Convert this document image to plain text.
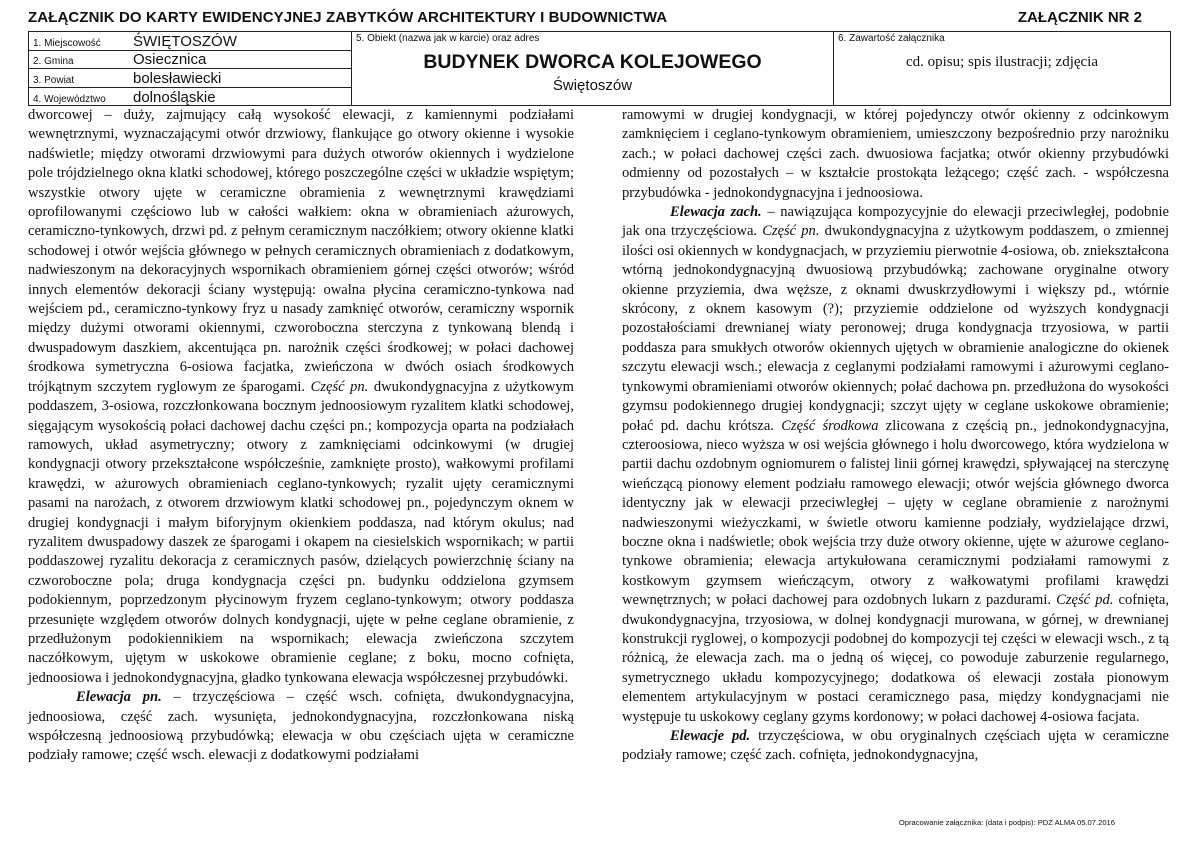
ZAŁĄCZNIK DO KARTY EWIDENCYJNEJ ZABYTKÓW ARCHITEKTURY I BUDOWNICTWA	ZAŁĄCZNIK NR 2
1. Miejscowość ŚWIĘTOSZÓW
2. Gmina	Osiecznica
3. Powiat	bolesławiecki
4. Województwo dolnośląskie
5. Obiekt (nazwa jak w karcie) oraz adres
BUDYNEK DWORCA KOLEJOWEGO
Świętoszów
6. Zawartość załącznika
cd. opisu; spis ilustracji; zdjęcia

dworcowej – duży, zajmujący całą wysokość elewacji, z kamiennymi podziałami wewnętrznymi, wyznaczającymi otwór drzwiowy, flankujące go otwory okienne i wysokie nadświetle; między otworami drzwiowymi para dużych otworów okiennych i wydzielone pole trójdzielnego okna klatki schodowej, którego poszczególne części w układzie wspiętym; wszystkie otwory ujęte w ceramiczne obramienia z wewnętrznymi krawędziami oprofilowanymi częściowo lub w całości wałkiem: okna w obramieniach ażurowych, ceramiczno-tynkowych, drzwi pd. z pełnym ceramicznym naczółkiem; otwory okienne klatki schodowej i otwór wejścia głównego w pełnych ceramicznych obramieniach z dodatkowym, nadwieszonym na dekoracyjnych wspornikach obramieniem górnej części otworów; wśród innych elementów dekoracji ściany występują: owalna płycina ceramiczno-tynkowa nad wejściem pd., ceramiczno-tynkowy fryz u nasady zamknięć otworów, ceramiczny wspornik między dużymi otworami okiennymi, czworoboczna sterczyna z tynkowaną blendą i dwuspadowym daszkiem, akcentująca pn. narożnik części środkowej; w połaci dachowej środkowa symetryczna 6-osiowa facjatka, zwieńczona w dwóch osiach środkowych trójkątnym szczytem ryglowym ze śparogami. Część pn. dwukondygnacyjna z użytkowym poddaszem, 3-osiowa, rozczłonkowana bocznym jednoosiowym ryzalitem klatki schodowej, sięgającym wysokością połaci dachowej dachu części pn.; kompozycja oparta na podziałach ramowych, układ asymetryczny; otwory z zamknięciami odcinkowymi (w drugiej kondygnacji otwory przekształcone współcześnie, zamknięte prosto), wałkowymi profilami krawędzi, w ażurowych obramieniach ceglano-tynkowych; ryzalit ujęty ceramicznymi pasami na narożach, z otworem drzwiowym klatki schodowej pn., pojedynczym oknem w drugiej kondygnacji i małym biforyjnym okienkiem poddasza, nad którym okulus; nad ryzalitem dwuspadowy daszek ze śparogami i okapem na ciesielskich wspornikach; w partii poddaszowej ryzalitu dekoracja z ceramicznych pasów, dzielących powierzchnię ściany na czworoboczne pola; druga kondygnacja części pn. budynku oddzielona gzymsem podokiennym, poprzedzonym płycinowym fryzem ceglano-tynkowym; otwory poddasza przesunięte względem otworów dolnych kondygnacji, ujęte w pełne ceglane obramienie, z przedłużonym podokiennikiem na wspornikach; elewacja zwieńczona szczytem naczółkowym, ujętym w uskokowe obramienie ceglane; z boku, mocno cofnięta, jednoosiowa i jednokondygnacyjna, gładko tynkowana elewacja współczesnej przybudówki.

Elewacja pn. – trzyczęściowa – część wsch. cofnięta, dwukondygnacyjna, jednoosiowa, część zach. wysunięta, jednokondygnacyjna, rozczłonkowana niską współczesną jednoosiową przybudówką; elewacja w obu częściach ujęta w ceramiczne podziały ramowe; część wsch. elewacji z dodatkowymi podziałami

ramowymi w drugiej kondygnacji, w której pojedynczy otwór okienny z odcinkowym zamknięciem i ceglano-tynkowym obramieniem, umieszczony bezpośrednio przy narożniku zach.; w połaci dachowej części zach. dwuosiowa facjatka; otwór okienny przybudówki odmienny od pozostałych – w kształcie prostokąta leżącego; część zach. - współczesna przybudówka - jednokondygnacyjna i jednoosiowa.

Elewacja zach. – nawiązująca kompozycyjnie do elewacji przeciwległej, podobnie jak ona trzyczęściowa. Część pn. dwukondygnacyjna z użytkowym poddaszem, o zmiennej ilości osi okiennych w kondygnacjach, w przyziemiu pierwotnie 4-osiowa, ob. zniekształcona wtórną jednokondygnacyjną dwuosiową przybudówką; zachowane oryginalne otwory okienne przyziemia, dwa węższe, z oknami dwuskrzydłowymi i większy pd., wtórnie skrócony, z oknem kasowym (?); przyziemie oddzielone od wyższych kondygnacji pozostałościami drewnianej wiaty peronowej; druga kondygnacja trzyosiowa, w partii poddasza para smukłych otworów okiennych ujętych w obramienie analogiczne do okienek szczytu elewacji wsch.; elewacja z ceglanymi podziałami ramowymi i ażurowymi ceglano-tynkowymi obramieniami otworów okiennych; połać dachowa pn. przedłużona do wysokości gzymsu podokiennego drugiej kondygnacji; szczyt ujęty w ceglane uskokowe obramienie; połać pd. dachu krótsza. Część środkowa zlicowana z częścią pn., jednokondygnacyjna, czteroosiowa, nieco wyższa w osi wejścia głównego i holu dworcowego, która wydzielona w partii dachu ozdobnym ogniomurem o falistej linii górnej krawędzi, spływającej na sterczynę wieńczącą pionowy element podziału ramowego elewacji; otwór wejścia głównego dworca identyczny jak w elewacji przeciwległej – ujęty w ceglane obramienie z narożnymi nadwieszonymi wieżyczkami, w świetle otworu kamienne podziały, wydzielające drzwi, boczne okna i nadświetle; obok wejścia trzy duże otwory okienne, ujęte w ażurowe ceglano-tynkowe obramienia; elewacja artykułowana ceramicznymi podziałami ramowymi z kostkowym gzymsem wieńczącym, otwory z wałkowatymi profilami krawędzi wewnętrznych; w połaci dachowej para ozdobnych lukarn z pazdurami. Część pd. cofnięta, dwukondygnacyjna, trzyosiowa, w dolnej kondygnacji murowana, w górnej, w drewnianej konstrukcji ryglowej, o kompozycji podobnej do kompozycji tej części w elewacji wsch., z tą różnicą, że elewacja zach. ma o jedną oś więcej, co powoduje zaburzenie regularnego, symetrycznego układu kompozycyjnego; dodatkowa oś elewacji została pionowym elementem artykulacyjnym w postaci ceramicznego pasa, między kondygnacjami nie występuje tu uskokowy ceglany gzyms kordonowy; w połaci dachowej 4-osiowa facjata.

Elewacje pd. trzyczęściowa, w obu oryginalnych częściach ujęta w ceramiczne podziały ramowe; część zach. cofnięta, jednokondygnacyjna,

Opracowanie załącznika: (data i podpis): PDZ ALMA 05.07.2016
